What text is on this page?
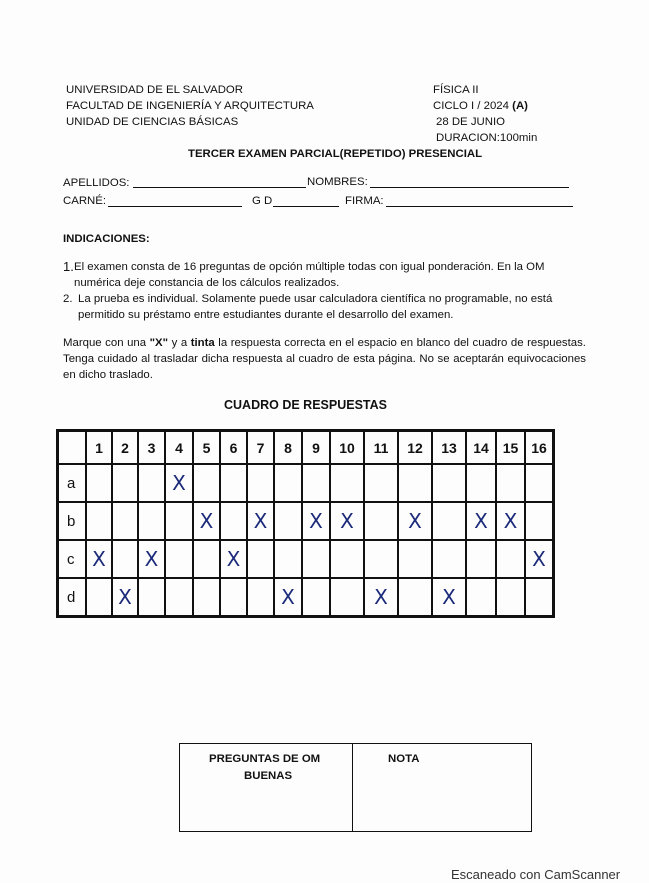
UNIVERSIDAD DE EL SALVADOR
FACULTAD DE INGENIERÍA Y ARQUITECTURA
UNIDAD DE CIENCIAS BÁSICAS
FÍSICA II
CICLO I / 2024 (A)
28 DE JUNIO
DURACION:100min
TERCER EXAMEN PARCIAL(REPETIDO) PRESENCIAL
APELLIDOS:	NOMBRES:
CARNÉ:	G D	FIRMA:
INDICACIONES:
1. El examen consta de 16 preguntas de opción múltiple todas con igual ponderación. En la OM numérica deje constancia de los cálculos realizados.
2. La prueba es individual. Solamente puede usar calculadora científica no programable, no está permitido su préstamo entre estudiantes durante el desarrollo del examen.
Marque con una "X" y a tinta la respuesta correcta en el espacio en blanco del cuadro de respuestas. Tenga cuidado al trasladar dicha respuesta al cuadro de esta página. No se aceptarán equivocaciones en dicho traslado.
CUADRO DE RESPUESTAS
	1	2	3	4	5	6	7	8	9	10	11	12	13	14	15	16
a				X												
b					X		X		X	X		X		X	X	
c	X		X			X										X
d		X						X			X		X			
PREGUNTAS DE OM
BUENAS
NOTA
Escaneado con CamScanner
